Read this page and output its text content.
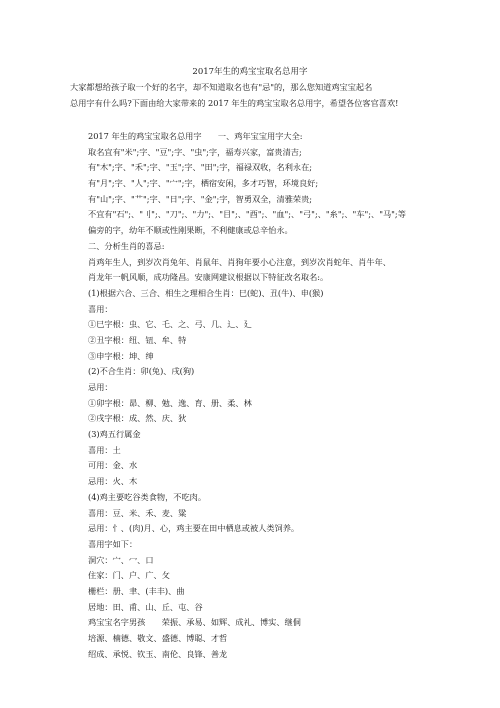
2017年生的鸡宝宝取名总用字
大家都想给孩子取一个好的名字，却不知道取名也有"忌"的，那么您知道鸡宝宝起名
总用字有什么吗?下面由给大家带来的 2017 年生的鸡宝宝取名总用字，希望各位客官喜欢!
2017 年生的鸡宝宝取名总用字　　一、鸡年宝宝用字大全:
取名宜有"米";字、"豆";字、"虫";字，福寿兴家，富贵清吉;
有"木";字、"禾";字、"玉";字、"田";字，福禄双收，名利永在;
有"月";字、"人";字、"宀";字，栖宿安闲，多才巧智，环境良好;
有"山";字、"艹";字、"日";字、"金";字，智勇双全，清雅荣贵;
不宜有"石";、"刂";、"刀";、"力";、"目";、"酉";、"血";、"弓";、"糸";、"车";、"马";等
偏旁的字，幼年不顺或性刚果断，不利健康或总辛怡永。
二、分析生肖的喜忌:
肖鸡年生人，到岁次肖兔年、肖鼠年、肖狗年要小心注意，到岁次肖蛇年、肖牛年、
肖龙年一帆风顺，成功隆昌。安康网建议根据以下特征改名取名:。
(1)根据六合、三合、相生之理相合生肖：巳(蛇)、丑(牛)、申(猴)
喜用：
①巳字根：虫、它、乇、之、弓、几、辶、廴
②丑字根：纽、钮、牟、特
③申字根：坤、绅
(2)不合生肖：卯(兔)、戌(狗)
忌用：
①卯字根：昴、柳、勉、逸、育、册、柔、林
②戌字根：成、然、庆、狄
(3)鸡五行属金
喜用：土
可用：金、水
忌用：火、木
(4)鸡主要吃谷类食物，不吃肉。
喜用：豆、米、禾、麦、粱
忌用：忄、(肉)月、心，鸡主要在田中栖息或被人类饲养。
喜用字如下：
洞穴：宀、冖、口
住家：门、户、广、攵
栅栏：册、聿、(丰丰)、曲
居地：田、甫、山、丘、屯、谷
鸡宝宝名字男孩　　荣振、承易、如辉、成礼、博实、继侗
培源、楠德、敬文、盛德、博聪、才哲
绍成、承悦、钦玉、南伦、良锋、善龙
